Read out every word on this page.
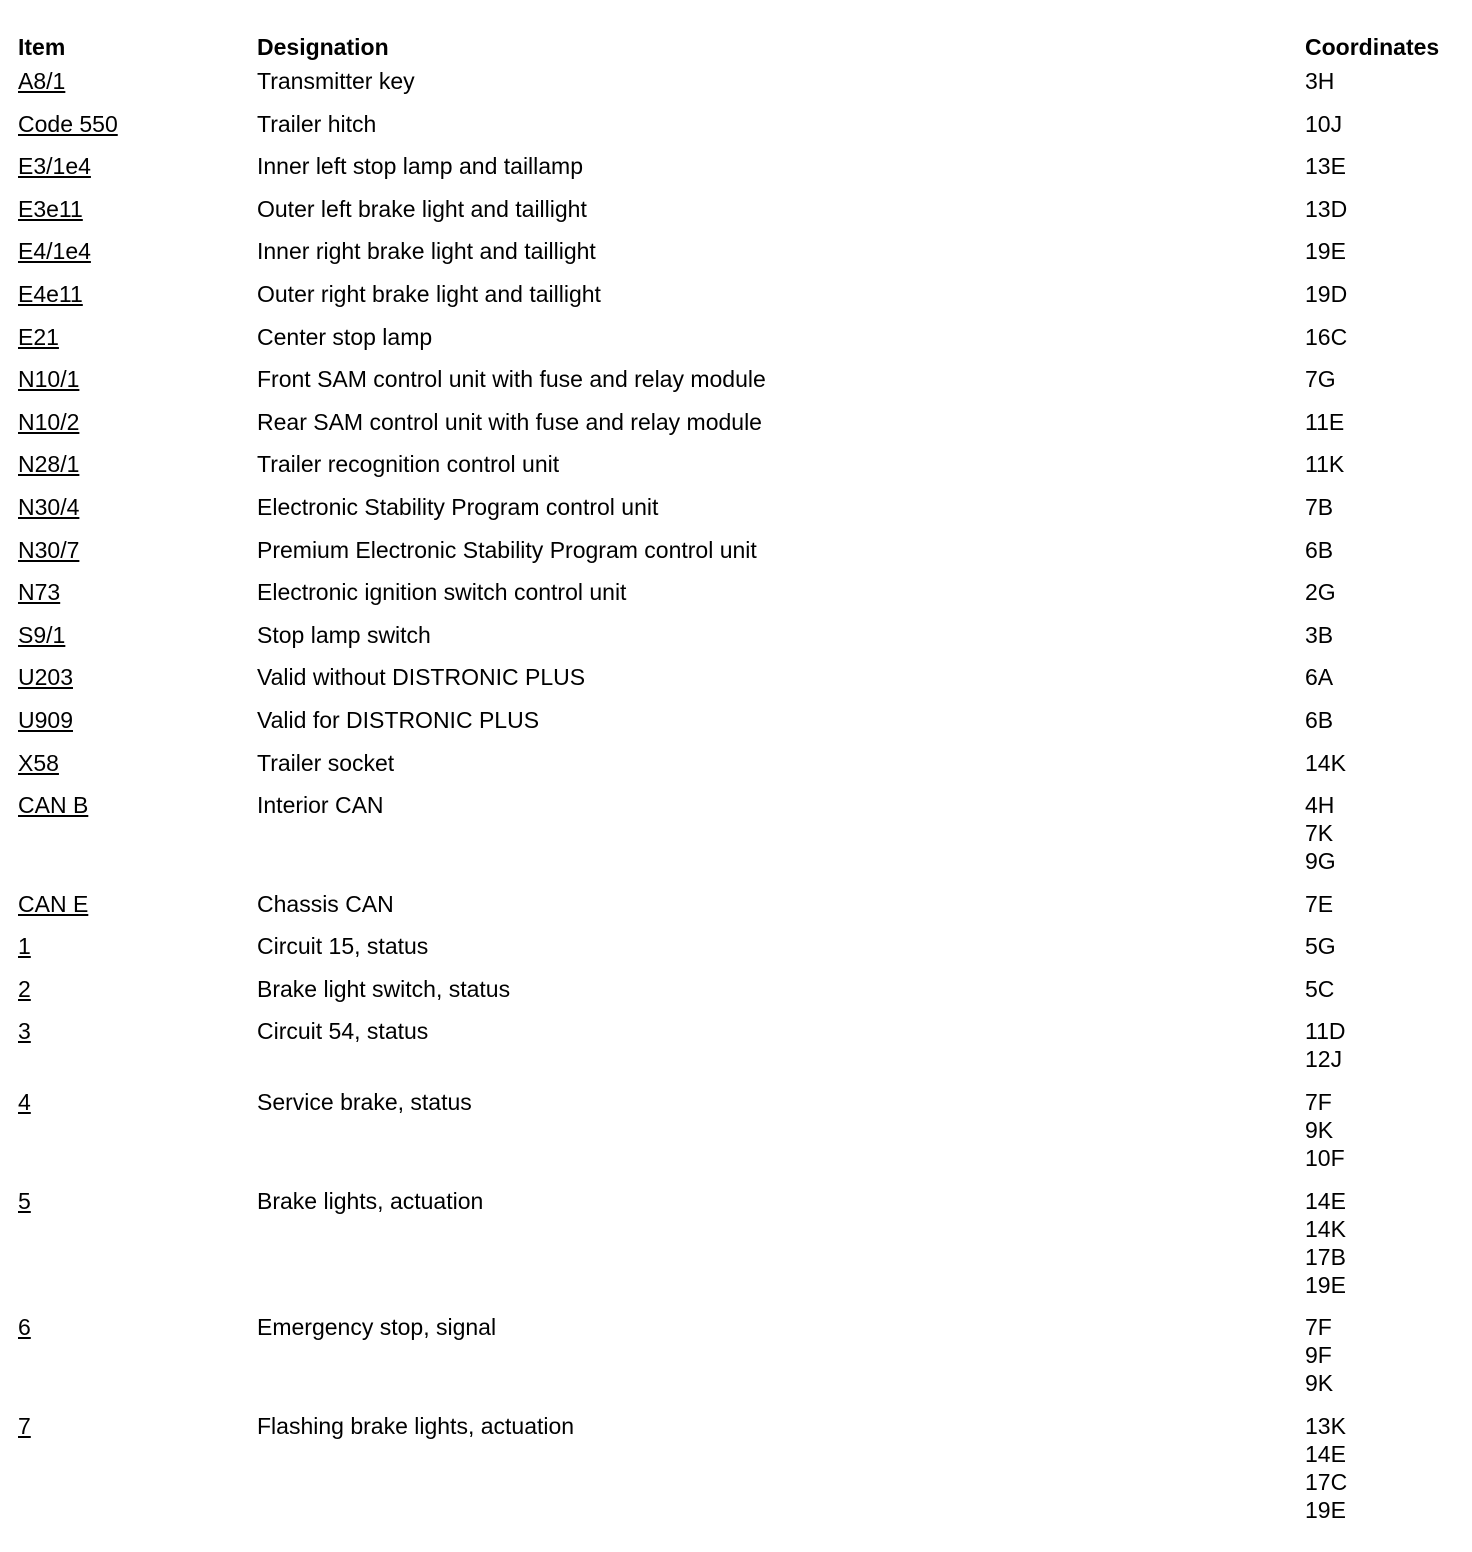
Item	Designation	Coordinates
A8/1	Transmitter key	3H
Code 550	Trailer hitch	10J
E3/1e4	Inner left stop lamp and taillamp	13E
E3e11	Outer left brake light and taillight	13D
E4/1e4	Inner right brake light and taillight	19E
E4e11	Outer right brake light and taillight	19D
E21	Center stop lamp	16C
N10/1	Front SAM control unit with fuse and relay module	7G
N10/2	Rear SAM control unit with fuse and relay module	11E
N28/1	Trailer recognition control unit	11K
N30/4	Electronic Stability Program control unit	7B
N30/7	Premium Electronic Stability Program control unit	6B
N73	Electronic ignition switch control unit	2G
S9/1	Stop lamp switch	3B
U203	Valid without DISTRONIC PLUS	6A
U909	Valid for DISTRONIC PLUS	6B
X58	Trailer socket	14K
CAN B	Interior CAN	4H
7K
9G
CAN E	Chassis CAN	7E
1	Circuit 15, status	5G
2	Brake light switch, status	5C
3	Circuit 54, status	11D
12J
4	Service brake, status	7F
9K
10F
5	Brake lights, actuation	14E
14K
17B
19E
6	Emergency stop, signal	7F
9F
9K
7	Flashing brake lights, actuation	13K
14E
17C
19E
